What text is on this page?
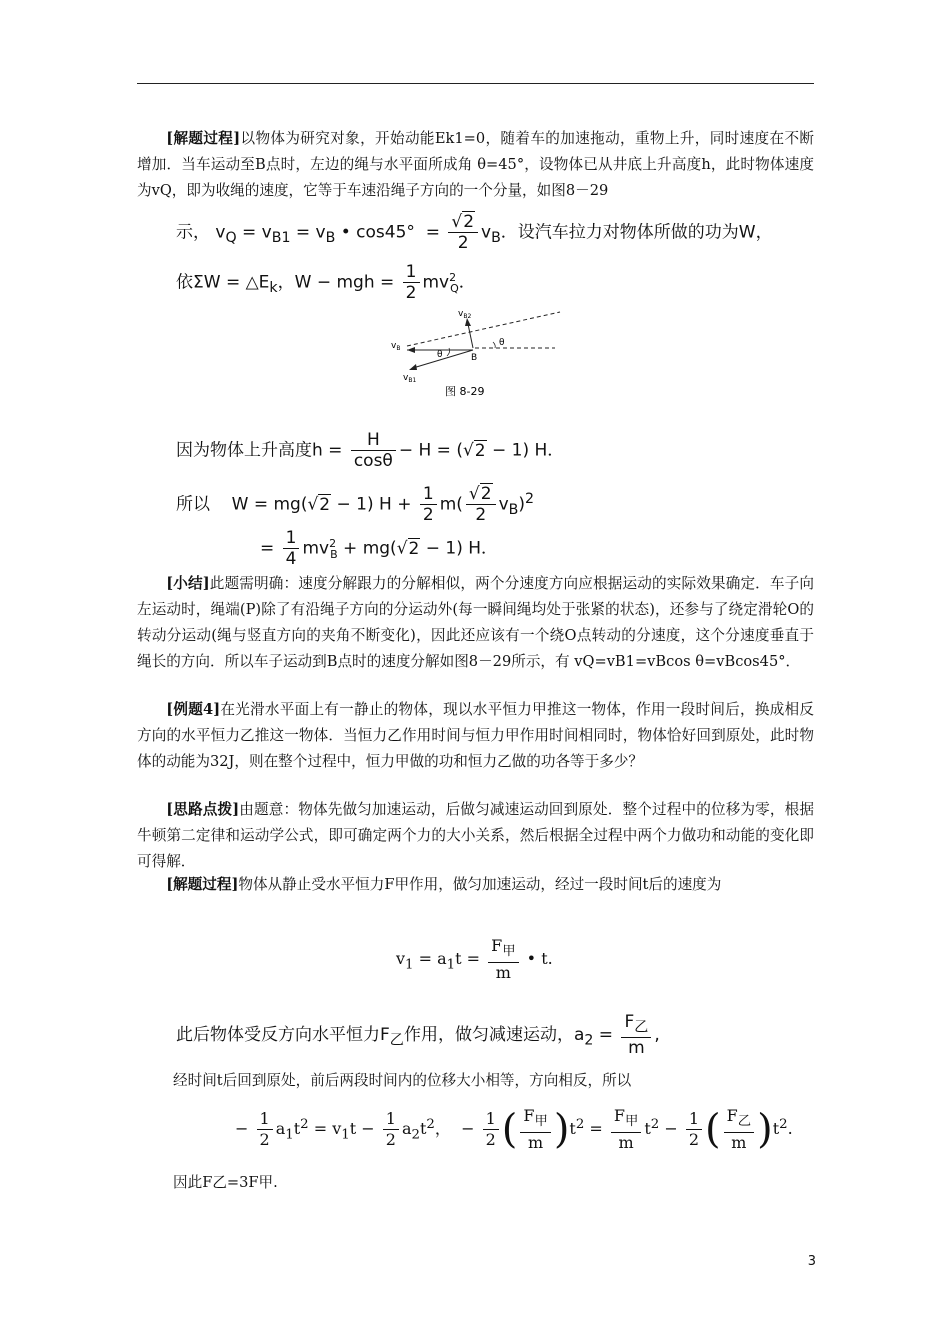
[解题过程]以物体为研究对象，开始动能Ek1=0，随着车的加速拖动，重物上升，同时速度在不断增加．当车运动至B点时，左边的绳与水平面所成角 θ=45°，设物体已从井底上升高度h，此时物体速度为vQ，即为收绳的速度，它等于车速沿绳子方向的一个分量，如图8－29

示， $v_Q = v_{B1} = v_B$ • $\cos 45^\circ = \frac{√2}{2} v_B$．设汽车拉力对物体所做的功为W，
依$\Sigma W = \triangle E_k$，W − mgh = $\frac{1}{2} mv^2_Q$．
$v_{B2}$
$v_B$
$v_{B1}$
θ
θ
B
图 8-29
因为物体上升高度$h = \frac{H}{\cos\theta} - H = (√2 - 1)$ H．
所以    W = mg(√2 − 1) $H + \frac{1}{2} m( \frac{√2}{2} v_B)^2$
= $\frac{1}{4} mv^2_B + mg(√2 - 1)$ H．

[小结]此题需明确：速度分解跟力的分解相似，两个分速度方向应根据运动的实际效果确定．车子向左运动时，绳端(P)除了有沿绳子方向的分运动外(每一瞬间绳均处于张紧的状态)，还参与了绕定滑轮O的转动分运动(绳与竖直方向的夹角不断变化)，因此还应该有一个绕O点转动的分速度，这个分速度垂直于绳长的方向．所以车子运动到B点时的速度分解如图8－29所示，有 vQ=vB1=vBcos θ=vBcos45°．

[例题4]在光滑水平面上有一静止的物体，现以水平恒力甲推这一物体，作用一段时间后，换成相反方向的水平恒力乙推这一物体．当恒力乙作用时间与恒力甲作用时间相同时，物体恰好回到原处，此时物体的动能为32J，则在整个过程中，恒力甲做的功和恒力乙做的功各等于多少？

[思路点拨]由题意：物体先做匀加速运动，后做匀减速运动回到原处．整个过程中的位移为零，根据牛顿第二定律和运动学公式，即可确定两个力的大小关系，然后根据全过程中两个力做功和动能的变化即可得解．

[解题过程]物体从静止受水平恒力F甲作用，做匀加速运动，经过一段时间t后的速度为

$v_1 = a_1t = \frac{F_甲}{m}$ • t.
此后物体受反方向水平恒力$F_乙$作用，做匀减速运动，$a_2 = \frac{F_乙}{m}$ ,

经时间t后回到原处，前后两段时间内的位移大小相等，方向相反，所以

− $\frac{1}{2} a_1t^2 = v_1t - \frac{1}{2} a_2t^2$，  − $\frac{1}{2}$ ( $\frac{F_甲}{m} )t^2 = \frac{F_甲}{m} t^2 - \frac{1}{2}$ ( $\frac{F_乙}{m} )t^2$.

因此F乙=3F甲.

3
